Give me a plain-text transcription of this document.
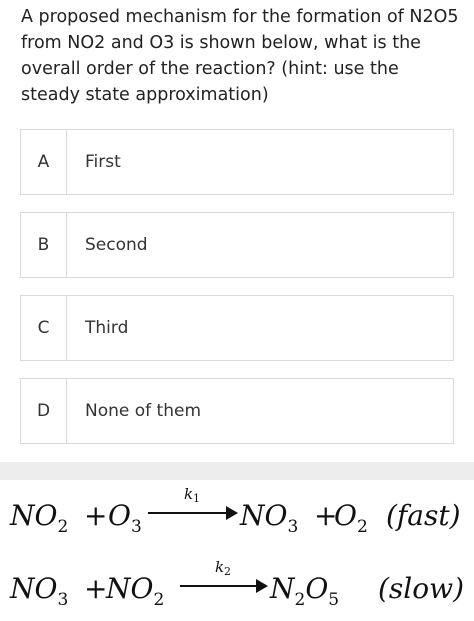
A proposed mechanism for the formation of N2O5 from NO2 and O3 is shown below, what is the overall order of the reaction? (hint: use the steady state approximation)
A	First
B	Second
C	Third
D	None of them
$NO_2 + O_3$
$k_1$
$NO_3$ +
$O_2$ (fast)
$NO_3$ +
$NO_2$
$k_2$
$N_2O_5$ (slow)
